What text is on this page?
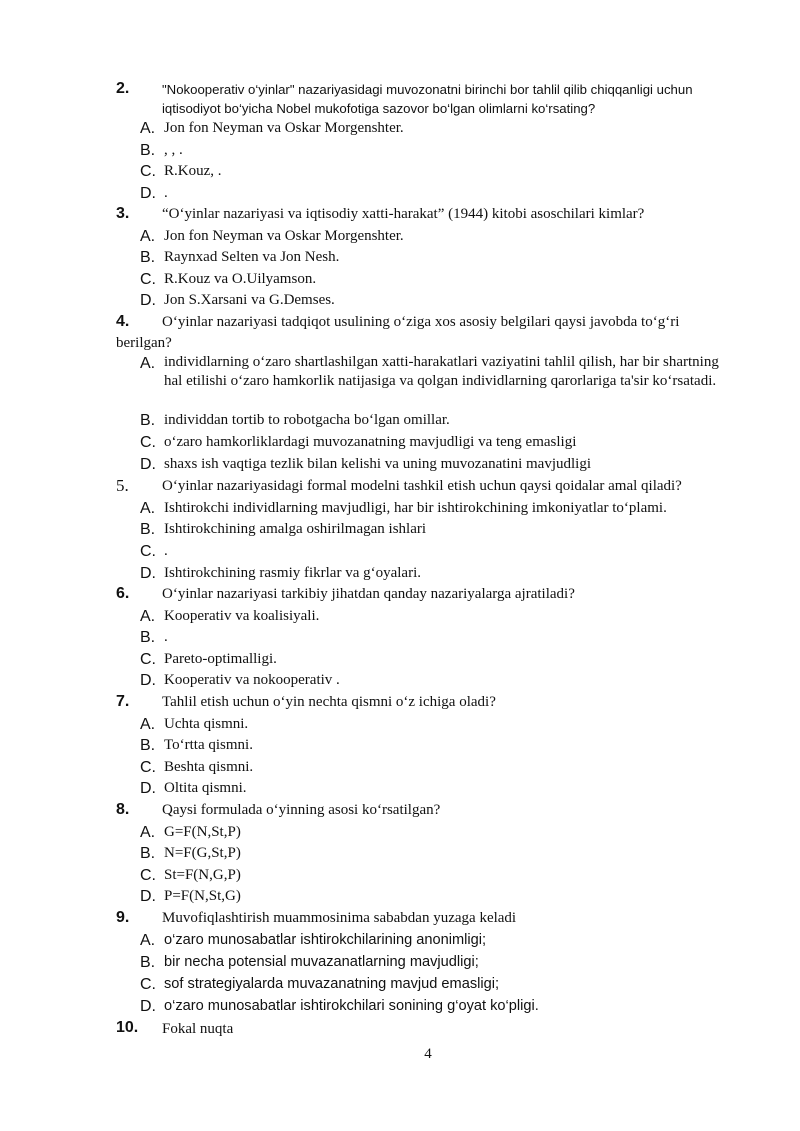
2. "Nokooperativ o‘yinlar" nazariyasidagi muvozonatni birinchi bor tahlil qilib chiqqanligi uchun iqtisodiyot bo‘yicha Nobel mukofotiga sazovor bo‘lgan olimlarni ko‘rsating?
A. Jon fon Neyman va Oskar Morgenshter.
B. , , .
C. R.Kouz, .
D. .
3. “O‘yinlar nazariyasi va iqtisodiy xatti-harakat” (1944) kitobi asoschilari kimlar?
A. Jon fon Neyman va Oskar Morgenshter.
B. Raynxad Selten va Jon Nesh.
C. R.Kouz va O.Uilyamson.
D. Jon S.Xarsani va G.Demses.
4.	O‘yinlar nazariyasi tadqiqot usulining o‘ziga xos asosiy belgilari qaysi javobda to‘g‘ri berilgan?
A. individlarning o‘zaro shartlashilgan xatti-harakatlari vaziyatini tahlil qilish, har bir shartning hal etilishi o‘zaro hamkorlik natijasiga va qolgan individlarning qarorlariga ta'sir ko‘rsatadi.
B. individdan tortib to robotgacha bo‘lgan omillar.
C. o‘zaro hamkorliklardagi muvozanatning mavjudligi va teng emasligi
D. shaxs ish vaqtiga tezlik bilan kelishi va uning muvozanatini mavjudligi
5. O‘yinlar nazariyasidagi formal modelni tashkil etish uchun qaysi qoidalar amal qiladi?
A. Ishtirokchi individlarning mavjudligi, har bir ishtirokchining imkoniyatlar to‘plami.
B. Ishtirokchining amalga oshirilmagan ishlari
C. .
D. Ishtirokchining rasmiy fikrlar va g‘oyalari.
6. O‘yinlar nazariyasi tarkibiy jihatdan qanday nazariyalarga ajratiladi?
A. Kooperativ va koalisiyali.
B. .
C. Pareto-optimalligi.
D. Kooperativ va nokooperativ .
7. Tahlil etish uchun o‘yin nechta qismni o‘z ichiga oladi?
A. Uchta qismni.
B. To‘rtta qismni.
C. Beshta qismni.
D. Oltita qismni.
8. Qaysi formulada o‘yinning asosi ko‘rsatilgan?
A. G=F(N,St,P)
B. N=F(G,St,P)
C. St=F(N,G,P)
D. P=F(N,St,G)
9. Muvofiqlashtirish muammosinima sababdan yuzaga keladi
A. o‘zaro munosabatlar ishtirokchilarining anonimligi;
B. bir necha potensial muvazanatlarning mavjudligi;
C. sof strategiyalarda muvazanatning mavjud emasligi;
D. o‘zaro munosabatlar ishtirokchilari sonining g‘oyat ko‘pligi.
10. Fokal nuqta
4
